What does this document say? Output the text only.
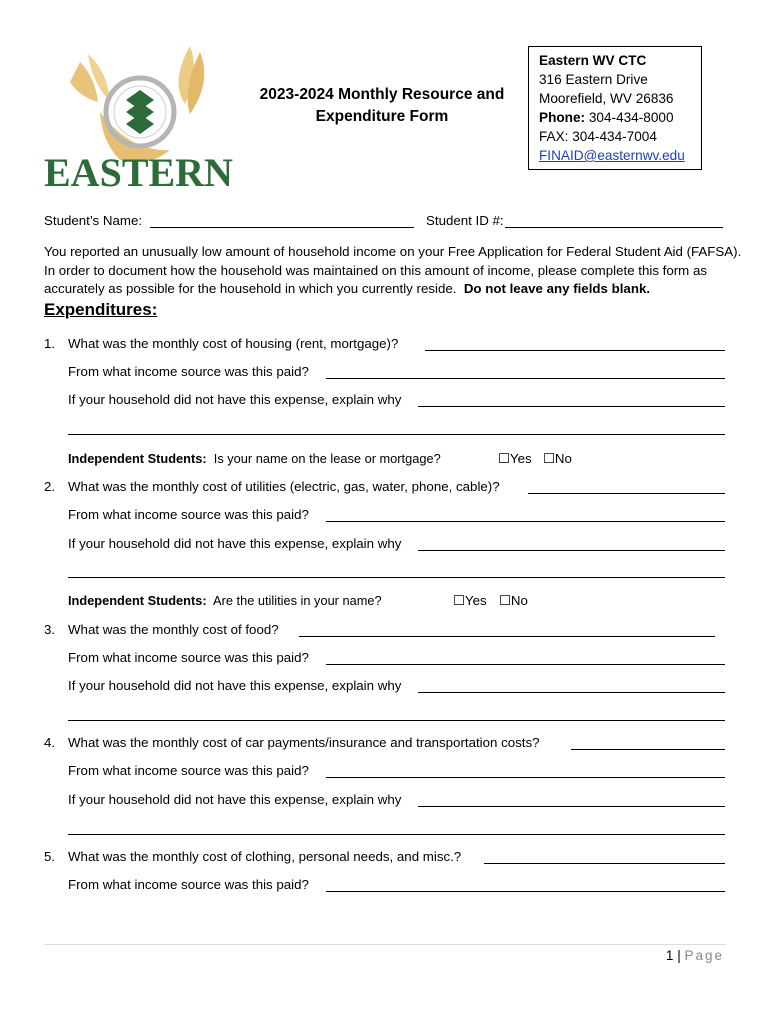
EASTERN
2023-2024 Monthly Resource and
Expenditure Form
Eastern WV CTC
316 Eastern Drive
Moorefield, WV 26836
Phone: 304-434-8000
FAX: 304-434-7004
FINAID@easternwv.edu
Student’s Name:	Student ID #:
You reported an unusually low amount of household income on your Free Application for Federal Student Aid (FAFSA). In order to document how the household was maintained on this amount of income, please complete this form as accurately as possible for the household in which you currently reside. Do not leave any fields blank.
Expenditures:
1. What was the monthly cost of housing (rent, mortgage)?
From what income source was this paid?
If your household did not have this expense, explain why
Independent Students: Is your name on the lease or mortgage?	☐Yes ☐No
2. What was the monthly cost of utilities (electric, gas, water, phone, cable)?
From what income source was this paid?
If your household did not have this expense, explain why
Independent Students: Are the utilities in your name?	☐Yes ☐No
3. What was the monthly cost of food?
From what income source was this paid?
If your household did not have this expense, explain why
4. What was the monthly cost of car payments/insurance and transportation costs?
From what income source was this paid?
If your household did not have this expense, explain why
5. What was the monthly cost of clothing, personal needs, and misc.?
From what income source was this paid?
1 | Page
